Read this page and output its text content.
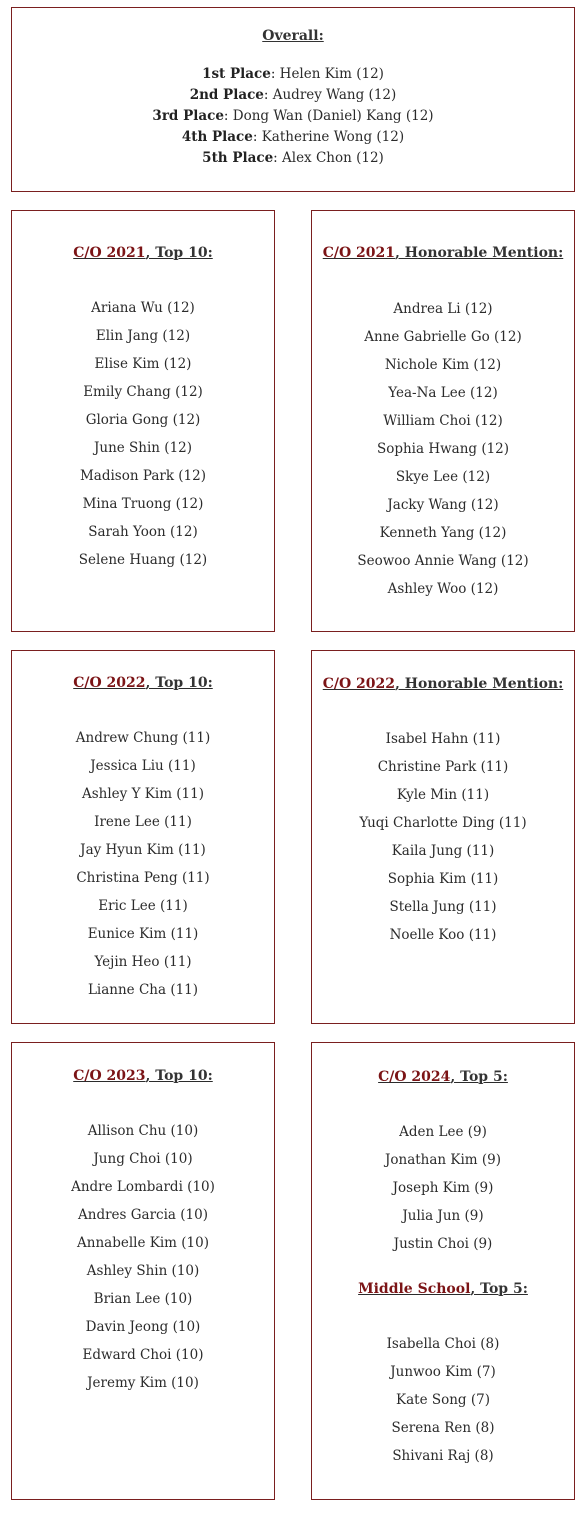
Overall:

1st Place: Helen Kim (12)
2nd Place: Audrey Wang (12)
3rd Place: Dong Wan (Daniel) Kang (12)
4th Place: Katherine Wong (12)
5th Place: Alex Chon (12)

C/O 2021, Top 10:

Ariana Wu (12)
Elin Jang (12)
Elise Kim (12)
Emily Chang (12)
Gloria Gong (12)
June Shin (12)
Madison Park (12)
Mina Truong (12)
Sarah Yoon (12)
Selene Huang (12)

C/O 2021, Honorable Mention:

Andrea Li (12)
Anne Gabrielle Go (12)
Nichole Kim (12)
Yea-Na Lee (12)
William Choi (12)
Sophia Hwang (12)
Skye Lee (12)
Jacky Wang (12)
Kenneth Yang (12)
Seowoo Annie Wang (12)
Ashley Woo (12)

C/O 2022, Top 10:

Andrew Chung (11)
Jessica Liu (11)
Ashley Y Kim (11)
Irene Lee (11)
Jay Hyun Kim (11)
Christina Peng (11)
Eric Lee (11)
Eunice Kim (11)
Yejin Heo (11)
Lianne Cha (11)

C/O 2022, Honorable Mention:

Isabel Hahn (11)
Christine Park (11)
Kyle Min (11)
Yuqi Charlotte Ding (11)
Kaila Jung (11)
Sophia Kim (11)
Stella Jung (11)
Noelle Koo (11)

C/O 2023, Top 10:

Allison Chu (10)
Jung Choi (10)
Andre Lombardi (10)
Andres Garcia (10)
Annabelle Kim (10)
Ashley Shin (10)
Brian Lee (10)
Davin Jeong (10)
Edward Choi (10)
Jeremy Kim (10)

C/O 2024, Top 5:

Aden Lee (9)
Jonathan Kim (9)
Joseph Kim (9)
Julia Jun (9)
Justin Choi (9)

Middle School, Top 5:

Isabella Choi (8)
Junwoo Kim (7)
Kate Song (7)
Serena Ren (8)
Shivani Raj (8)
